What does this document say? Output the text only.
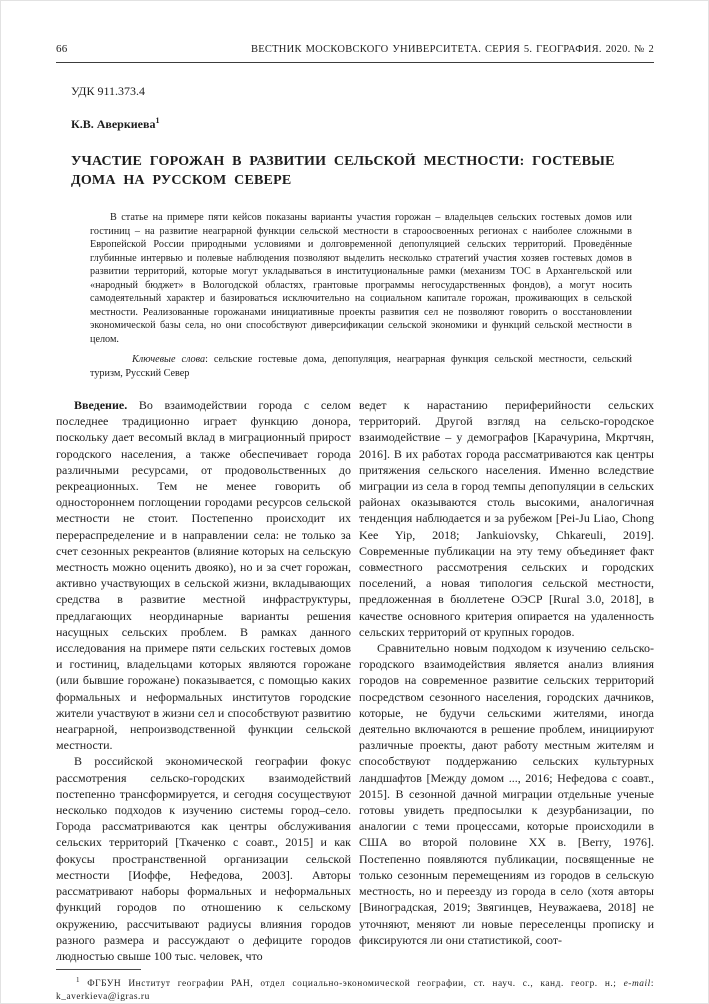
66	ВЕСТНИК МОСКОВСКОГО УНИВЕРСИТЕТА. СЕРИЯ 5. ГЕОГРАФИЯ. 2020. № 2
УДК 911.373.4
К.В. Аверкиева$^1$
УЧАСТИЕ ГОРОЖАН В РАЗВИТИИ СЕЛЬСКОЙ МЕСТНОСТИ: ГОСТЕВЫЕ ДОМА НА РУССКОМ СЕВЕРЕ

В статье на примере пяти кейсов показаны варианты участия горожан – владельцев сельских гостевых домов или гостиниц – на развитие неаграрной функции сельской местности в староосвоенных регионах с наиболее сложными в Европейской России природными условиями и долговременной депопуляцией сельских территорий. Проведённые глубинные интервью и полевые наблюдения позволяют выделить несколько стратегий участия хозяев гостевых домов в развитии территорий, которые могут укладываться в институциональные рамки (механизм ТОС в Архангельской или «народный бюджет» в Вологодской областях, грантовые программы негосударственных фондов), а могут носить самодеятельный характер и базироваться исключительно на социальном капитале горожан, проживающих в сельской местности. Реализованные горожанами инициативные проекты развития сел не позволяют говорить о восстановлении экономической базы села, но они способствуют диверсификации сельской экономики и функций сельской местности в целом.

Ключевые слова: сельские гостевые дома, депопуляция, неаграрная функция сельской местности, сельский туризм, Русский Север

Введение. Во взаимодействии города с селом последнее традиционно играет функцию донора, поскольку дает весомый вклад в миграционный прирост городского населения, а также обеспечивает города различными ресурсами, от продовольственных до рекреационных. Тем не менее говорить об одностороннем поглощении городами ресурсов сельской местности не стоит. Постепенно происходит их перераспределение и в направлении села: не только за счет сезонных рекреантов (влияние которых на сельскую местность можно оценить двояко), но и за счет горожан, активно участвующих в сельской жизни, вкладывающих средства в развитие местной инфраструктуры, предлагающих неординарные варианты решения насущных сельских проблем. В рамках данного исследования на примере пяти сельских гостевых домов и гостиниц, владельцами которых являются горожане (или бывшие горожане) показывается, с помощью каких формальных и неформальных институтов городские жители участвуют в жизни сел и способствуют развитию неаграрной, непроизводственной функции сельской местности.

В российской экономической географии фокус рассмотрения сельско-городских взаимодействий постепенно трансформируется, и сегодня сосуществуют несколько подходов к изучению системы город–село. Города рассматриваются как центры обслуживания сельских территорий [Ткаченко с соавт., 2015] и как фокусы пространственной организации сельской местности [Иоффе, Нефедова, 2003]. Авторы рассматривают наборы формальных и неформальных функций городов по отношению к сельскому окружению, рассчитывают радиусы влияния городов разного размера и рассуждают о дефиците городов людностью свыше 100 тыс. человек, что

ведет к нарастанию периферийности сельских территорий. Другой взгляд на сельско-городское взаимодействие – у демографов [Карачурина, Мкртчян, 2016]. В их работах города рассматриваются как центры притяжения сельского населения. Именно вследствие миграции из села в город темпы депопуляции в сельских районах оказываются столь высокими, аналогичная тенденция наблюдается и за рубежом [Pei-Ju Liao, Chong Kee Yip, 2018; Jankuiovsky, Chkareuli, 2019]. Современные публикации на эту тему объединяет факт совместного рассмотрения сельских и городских поселений, а новая типология сельской местности, предложенная в бюллетене ОЭСР [Rural 3.0, 2018], в качестве основного критерия опирается на удаленность сельских территорий от крупных городов.

Сравнительно новым подходом к изучению сельско-городского взаимодействия является анализ влияния городов на современное развитие сельских территорий посредством сезонного населения, городских дачников, которые, не будучи сельскими жителями, иногда деятельно включаются в решение проблем, инициируют различные проекты, дают работу местным жителям и способствуют поддержанию сельских культурных ландшафтов [Между домом ..., 2016; Нефедова с соавт., 2015]. В сезонной дачной миграции отдельные ученые готовы увидеть предпосылки к дезурбанизации, по аналогии с теми процессами, которые происходили в США во второй половине XX в. [Berry, 1976]. Постепенно появляются публикации, посвященные не только сезонным перемещениям из городов в сельскую местность, но и переезду из города в село (хотя авторы [Виноградская, 2019; Звягинцев, Неуважаева, 2018] не уточняют, меняют ли новые переселенцы прописку и фиксируются ли они статистикой, соот-

$^1$ ФГБУН Институт географии РАН, отдел социально-экономической географии, ст. науч. с., канд. геогр. н.; e-mail: k_averkieva@igras.ru
